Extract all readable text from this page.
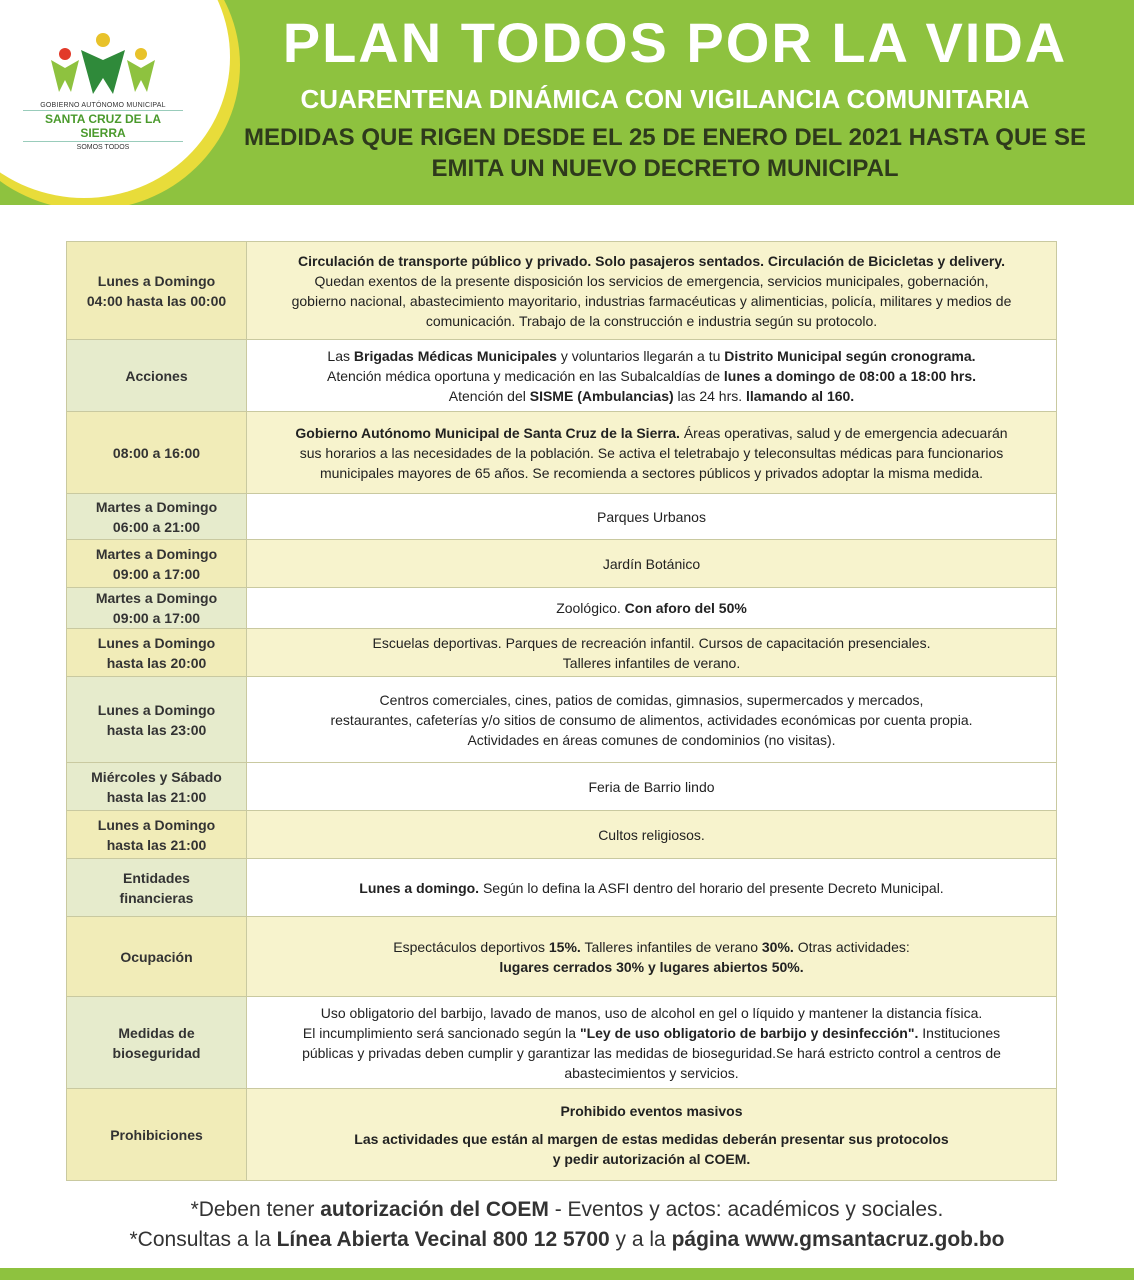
GOBIERNO AUTÓNOMO MUNICIPAL
SANTA CRUZ DE LA SIERRA
SOMOS TODOS
PLAN TODOS POR LA VIDA
CUARENTENA DINÁMICA CON VIGILANCIA COMUNITARIA
MEDIDAS QUE RIGEN DESDE EL 25 DE ENERO DEL 2021 HASTA QUE SE
EMITA UN NUEVO DECRETO MUNICIPAL
Lunes a Domingo
04:00 hasta las 00:00	Circulación de transporte público y privado. Solo pasajeros sentados. Circulación de Bicicletas y delivery.
Quedan exentos de la presente disposición los servicios de emergencia, servicios municipales, gobernación,
gobierno nacional, abastecimiento mayoritario, industrias farmacéuticas y alimenticias, policía, militares y medios de
comunicación. Trabajo de la construcción e industria según su protocolo.
Acciones	Las Brigadas Médicas Municipales y voluntarios llegarán a tu Distrito Municipal según cronograma.
Atención médica oportuna y medicación en las Subalcaldías de lunes a domingo de 08:00 a 18:00 hrs.
Atención del SISME (Ambulancias) las 24 hrs. llamando al 160.
08:00 a 16:00	Gobierno Autónomo Municipal de Santa Cruz de la Sierra. Áreas operativas, salud y de emergencia adecuarán
sus horarios a las necesidades de la población. Se activa el teletrabajo y teleconsultas médicas para funcionarios
municipales mayores de 65 años. Se recomienda a sectores públicos y privados adoptar la misma medida.
Martes a Domingo
06:00 a 21:00	Parques Urbanos
Martes a Domingo
09:00 a 17:00	Jardín Botánico
Martes a Domingo
09:00 a 17:00	Zoológico. Con aforo del 50%
Lunes a Domingo
hasta las 20:00	Escuelas deportivas. Parques de recreación infantil. Cursos de capacitación presenciales.
Talleres infantiles de verano.
Lunes a Domingo
hasta las 23:00	Centros comerciales, cines, patios de comidas, gimnasios, supermercados y mercados,
restaurantes, cafeterías y/o sitios de consumo de alimentos, actividades económicas por cuenta propia.
Actividades en áreas comunes de condominios (no visitas).
Miércoles y Sábado
hasta las 21:00	Feria de Barrio lindo
Lunes a Domingo
hasta las 21:00	Cultos religiosos.
Entidades
financieras	Lunes a domingo. Según lo defina la ASFI dentro del horario del presente Decreto Municipal.
Ocupación	Espectáculos deportivos 15%. Talleres infantiles de verano 30%. Otras actividades:
lugares cerrados 30% y lugares abiertos 50%.
Medidas de
bioseguridad	Uso obligatorio del barbijo, lavado de manos, uso de alcohol en gel o líquido y mantener la distancia física.
El incumplimiento será sancionado según la "Ley de uso obligatorio de barbijo y desinfección". Instituciones
públicas y privadas deben cumplir y garantizar las medidas de bioseguridad.Se hará estricto control a centros de
abastecimientos y servicios.
Prohibiciones	Prohibido eventos masivos

Las actividades que están al margen de estas medidas deberán presentar sus protocolos
y pedir autorización al COEM.
*Deben tener autorización del COEM - Eventos y actos: académicos y sociales.
*Consultas a la Línea Abierta Vecinal 800 12 5700 y a la página www.gmsantacruz.gob.bo
